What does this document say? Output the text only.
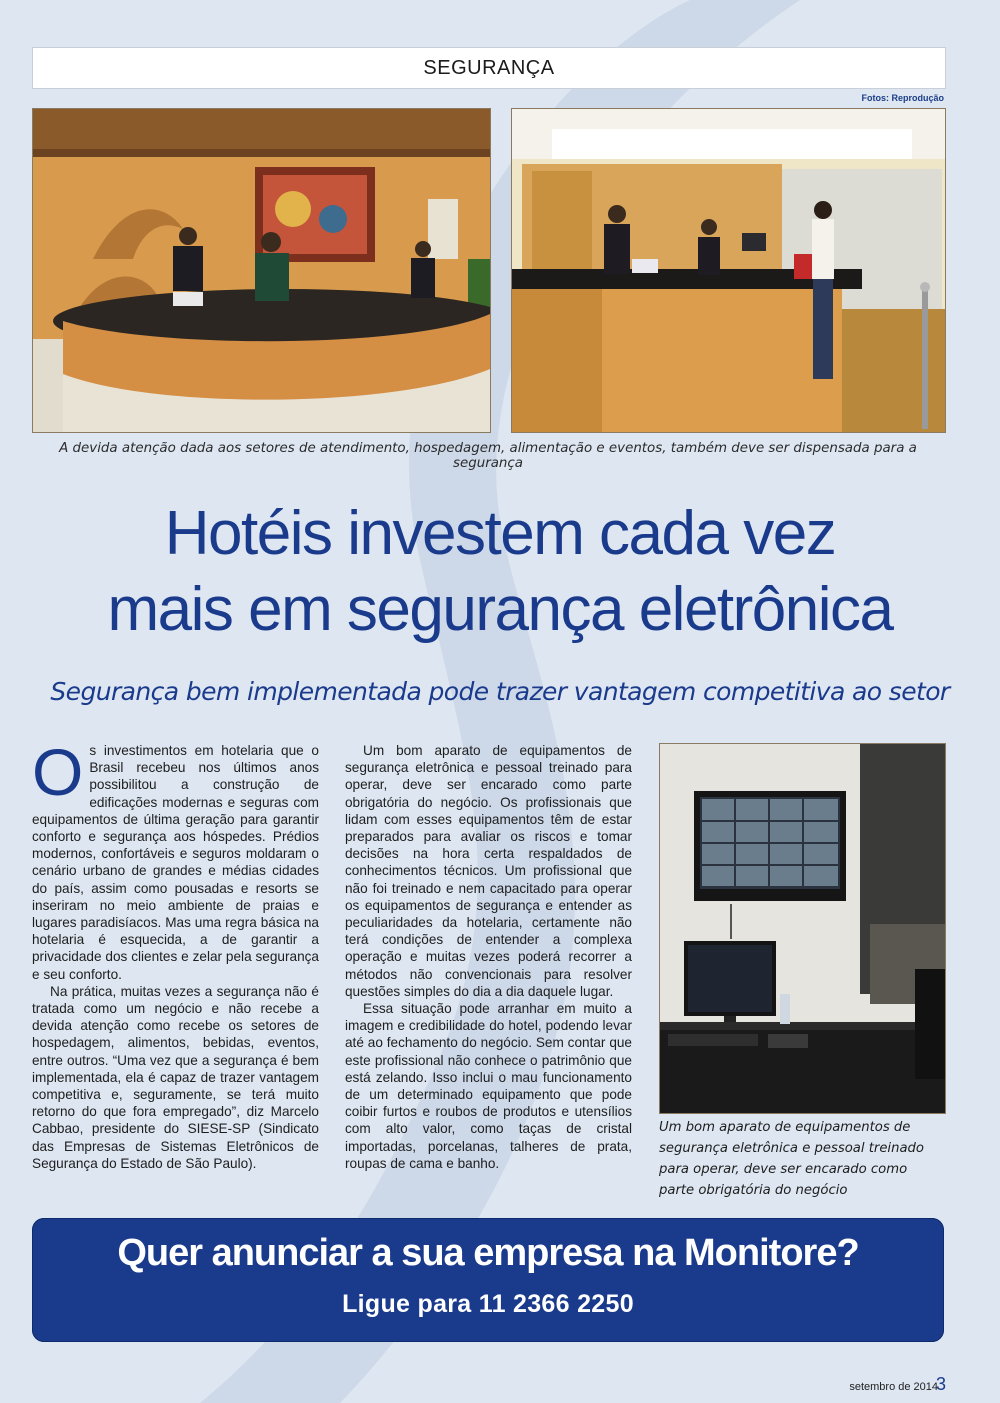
SEGURANÇA
Fotos: Reprodução
A devida atenção dada aos setores de atendimento, hospedagem, alimentação e eventos, também deve ser dispensada para a segurança
Hotéis investem cada vez
mais em segurança eletrônica
Segurança bem implementada pode trazer vantagem competitiva ao setor

Os investimentos em hotelaria que o Brasil recebeu nos últimos anos possibilitou a construção de edificações modernas e seguras com equipamentos de última geração para garantir conforto e segurança aos hóspedes. Prédios modernos, confortáveis e seguros moldaram o cenário urbano de grandes e médias cidades do país, assim como pousadas e resorts se inseriram no meio ambiente de praias e lugares paradisíacos. Mas uma regra básica na hotelaria é esquecida, a de garantir a privacidade dos clientes e zelar pela segurança e seu conforto.

Na prática, muitas vezes a segurança não é tratada como um negócio e não recebe a devida atenção como recebe os setores de hospedagem, alimentos, bebidas, eventos, entre outros. “Uma vez que a segurança é bem implementada, ela é capaz de trazer vantagem competitiva e, seguramente, se terá muito retorno do que fora empregado”, diz Marcelo Cabbao, presidente do SIESE-SP (Sindicato das Empresas de Sistemas Eletrônicos de Segurança do Estado de São Paulo).

Um bom aparato de equipamentos de segurança eletrônica e pessoal treinado para operar, deve ser encarado como parte obrigatória do negócio. Os profissionais que lidam com esses equipamentos têm de estar preparados para avaliar os riscos e tomar decisões na hora certa respaldados de conhecimentos técnicos. Um profissional que não foi treinado e nem capacitado para operar os equipamentos de segurança e entender as peculiaridades da hotelaria, certamente não terá condições de entender a complexa operação e muitas vezes poderá recorrer a métodos não convencionais para resolver questões simples do dia a dia daquele lugar.

Essa situação pode arranhar em muito a imagem e credibilidade do hotel, podendo levar até ao fechamento do negócio. Sem contar que este profissional não conhece o patrimônio que está zelando. Isso inclui o mau funcionamento de um determinado equipamento que pode coibir furtos e roubos de produtos e utensílios com alto valor, como taças de cristal importadas, porcelanas, talheres de prata, roupas de cama e banho.

Um bom aparato de equipamentos de segurança eletrônica e pessoal treinado para operar, deve ser encarado como parte obrigatória do negócio
Quer anunciar a sua empresa na Monitore?
Ligue para 11 2366 2250
setembro de 2014
3
